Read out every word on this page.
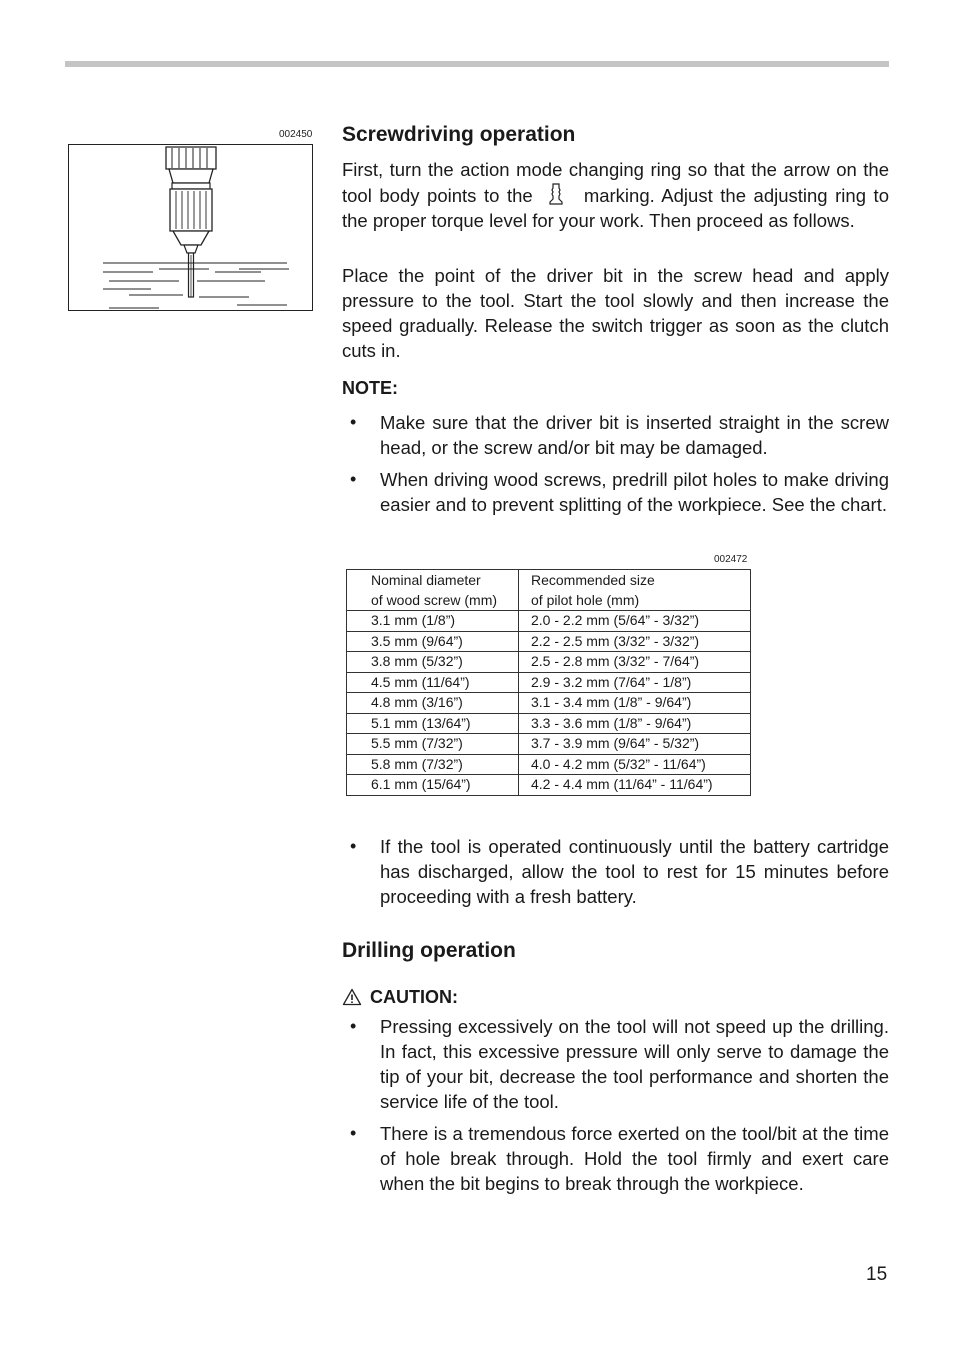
002450 Screwdriving operation

First, turn the action mode changing ring so that the arrow on the tool body points to the	marking. Adjust the adjusting ring to the proper torque level for your work. Then proceed as follows.

Place the point of the driver bit in the screw head and apply pressure to the tool. Start the tool slowly and then increase the speed gradually. Release the switch trigger as soon as the clutch cuts in.

NOTE:
• Make sure that the driver bit is inserted straight in the screw head, or the screw and/or bit may be damaged.
• When driving wood screws, predrill pilot holes to make driving easier and to prevent splitting of the workpiece. See the chart.
002472
Nominal diameter
of wood screw (mm)	Recommended size
of pilot hole (mm)
3.1 mm (1/8”)	2.0 - 2.2 mm (5/64” - 3/32”)
3.5 mm (9/64”)	2.2 - 2.5 mm (3/32” - 3/32”)
3.8 mm (5/32”)	2.5 - 2.8 mm (3/32” - 7/64”)
4.5 mm (11/64”)	2.9 - 3.2 mm (7/64” - 1/8”)
4.8 mm (3/16”)	3.1 - 3.4 mm (1/8” - 9/64”)
5.1 mm (13/64”)	3.3 - 3.6 mm (1/8” - 9/64”)
5.5 mm (7/32”)	3.7 - 3.9 mm (9/64” - 5/32”)
5.8 mm (7/32”)	4.0 - 4.2 mm (5/32” - 11/64”)
6.1 mm (15/64”)	4.2 - 4.4 mm (11/64” - 11/64”)
• If the tool is operated continuously until the battery cartridge has discharged, allow the tool to rest for 15 minutes before proceeding with a fresh battery.
Drilling operation
CAUTION:
• Pressing excessively on the tool will not speed up the drilling. In fact, this excessive pressure will only serve to damage the tip of your bit, decrease the tool performance and shorten the service life of the tool.
• There is a tremendous force exerted on the tool/bit at the time of hole break through. Hold the tool firmly and exert care when the bit begins to break through the workpiece.
15
